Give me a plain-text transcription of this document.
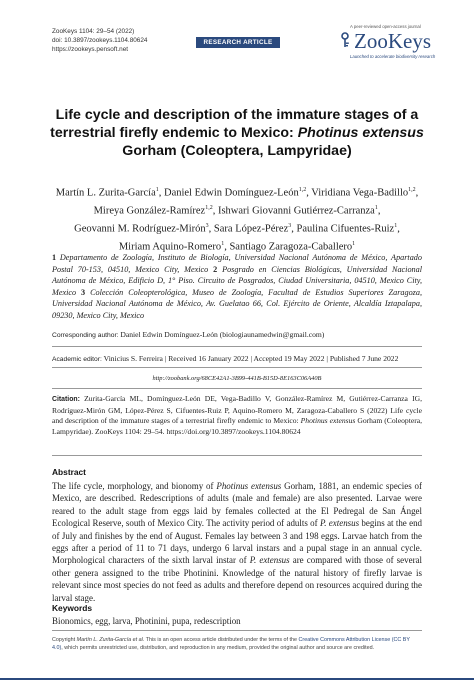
ZooKeys 1104: 29–54 (2022)
doi: 10.3897/zookeys.1104.80624
https://zookeys.pensoft.net
RESEARCH ARTICLE
A peer-reviewed open-access journal
ZooKeys
Launched to accelerate biodiversity research
Life cycle and description of the immature stages of a
terrestrial firefly endemic to Mexico: Photinus extensus
Gorham (Coleoptera, Lampyridae)
Martín L. Zurita-García$^1$, Daniel Edwin Domínguez-León$^{1,2}$, Viridiana Vega-Badillo$^{1,2}$,
Mireya González-Ramírez$^{1,2}$, Ishwari Giovanni Gutiérrez-Carranza$^1$,
Geovanni M. Rodríguez-Mirón$^3$, Sara López-Pérez$^3$, Paulina Cifuentes-Ruiz$^1$,
Miriam Aquino-Romero$^1$, Santiago Zaragoza-Caballero$^1$
1 Departamento de Zoología, Instituto de Biología, Universidad Nacional Autónoma de México, Apartado Postal 70-153, 04510, Mexico City, Mexico 2 Posgrado en Ciencias Biológicas, Universidad Nacional Autónoma de México, Edificio D, 1° Piso. Circuito de Posgrados, Ciudad Universitaria, 04510, Mexico City, Mexico 3 Colección Coleopterológica, Museo de Zoología, Facultad de Estudios Superiores Zaragoza, Universidad Nacional Autónoma de México, Av. Guelatao 66, Col. Ejército de Oriente, Alcaldía Iztapalapa, 09230, Mexico City, Mexico
Corresponding author: Daniel Edwin Domínguez-León (biologiaunamedwin@gmail.com)
Academic editor: Vinicius S. Ferreira | Received 16 January 2022 | Accepted 19 May 2022 | Published 7 June 2022
http://zoobank.org/68CE42A1-3B99-441B-B15D-8E163C06A40B
Citation: Zurita-García ML, Domínguez-León DE, Vega-Badillo V, González-Ramírez M, Gutiérrez-Carranza IG, Rodríguez-Mirón GM, López-Pérez S, Cifuentes-Ruiz P, Aquino-Romero M, Zaragoza-Caballero S (2022) Life cycle and description of the immature stages of a terrestrial firefly endemic to Mexico: Photinus extensus Gorham (Coleoptera, Lampyridae). ZooKeys 1104: 29–54. https://doi.org/10.3897/zookeys.1104.80624
Abstract
The life cycle, morphology, and bionomy of Photinus extensus Gorham, 1881, an endemic species of Mexico, are described. Redescriptions of adults (male and female) are also presented. Larvae were reared to the adult stage from eggs laid by females collected at the El Pedregal de San Ángel Ecological Reserve, south of Mexico City. The activity period of adults of P. extensus begins at the end of July and finishes by the end of August. Females lay between 3 and 198 eggs. Larvae hatch from the eggs after a period of 11 to 71 days, undergo 6 larval instars and a pupal stage in an annual cycle. Morphological characters of the sixth larval instar of P. extensus are compared with those of several other genera assigned to the tribe Photinini. Knowledge of the natural history of firefly larvae is relevant since most species do not feed as adults and therefore depend on resources acquired during the larval stage.
Keywords
Bionomics, egg, larva, Photinini, pupa, redescription
Copyright Martín L. Zurita-García et al. This is an open access article distributed under the terms of the Creative Commons Attribution License (CC BY 4.0), which permits unrestricted use, distribution, and reproduction in any medium, provided the original author and source are credited.
